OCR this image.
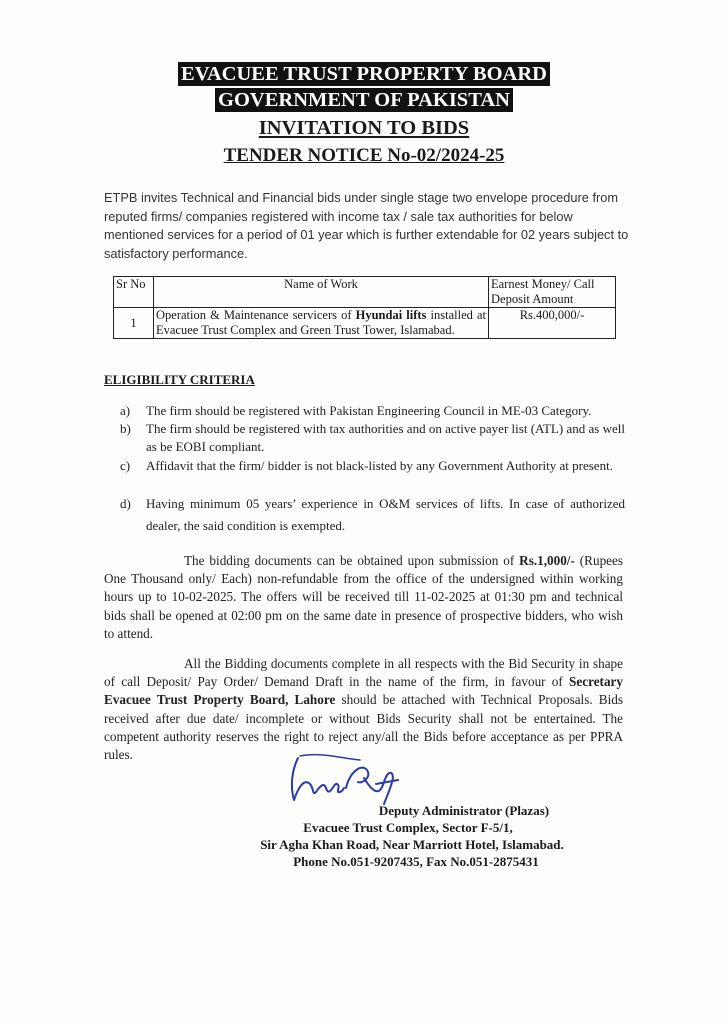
EVACUEE TRUST PROPERTY BOARD
GOVERNMENT OF PAKISTAN
INVITATION TO BIDS
TENDER NOTICE No-02/2024-25
ETPB invites Technical and Financial bids under single stage two envelope procedure from reputed firms/ companies registered with income tax / sale tax authorities for below mentioned services for a period of 01 year which is further extendable for 02 years subject to satisfactory performance.
Sr No	Name of Work	Earnest Money/ Call Deposit Amount
1	Operation & Maintenance servicers of Hyundai lifts installed at Evacuee Trust Complex and Green Trust Tower, Islamabad.	Rs.400,000/-
ELIGIBILITY CRITERIA
a)	The firm should be registered with Pakistan Engineering Council in ME-03 Category.
b)	The firm should be registered with tax authorities and on active payer list (ATL) and as well as be EOBI compliant.
c)	Affidavit that the firm/ bidder is not black-listed by any Government Authority at present.
d)	Having minimum 05 years’ experience in O&M services of lifts. In case of authorized dealer, the said condition is exempted.
The bidding documents can be obtained upon submission of Rs.1,000/- (Rupees One Thousand only/ Each) non-refundable from the office of the undersigned within working hours up to 10-02-2025. The offers will be received till 11-02-2025 at 01:30 pm and technical bids shall be opened at 02:00 pm on the same date in presence of prospective bidders, who wish to attend.
All the Bidding documents complete in all respects with the Bid Security in shape of call Deposit/ Pay Order/ Demand Draft in the name of the firm, in favour of Secretary Evacuee Trust Property Board, Lahore should be attached with Technical Proposals. Bids received after due date/ incomplete or without Bids Security shall not be entertained. The competent authority reserves the right to reject any/all the Bids before acceptance as per PPRA rules.
Deputy Administrator (Plazas)
Evacuee Trust Complex, Sector F-5/1,
Sir Agha Khan Road, Near Marriott Hotel, Islamabad.
Phone No.051-9207435, Fax No.051-2875431
